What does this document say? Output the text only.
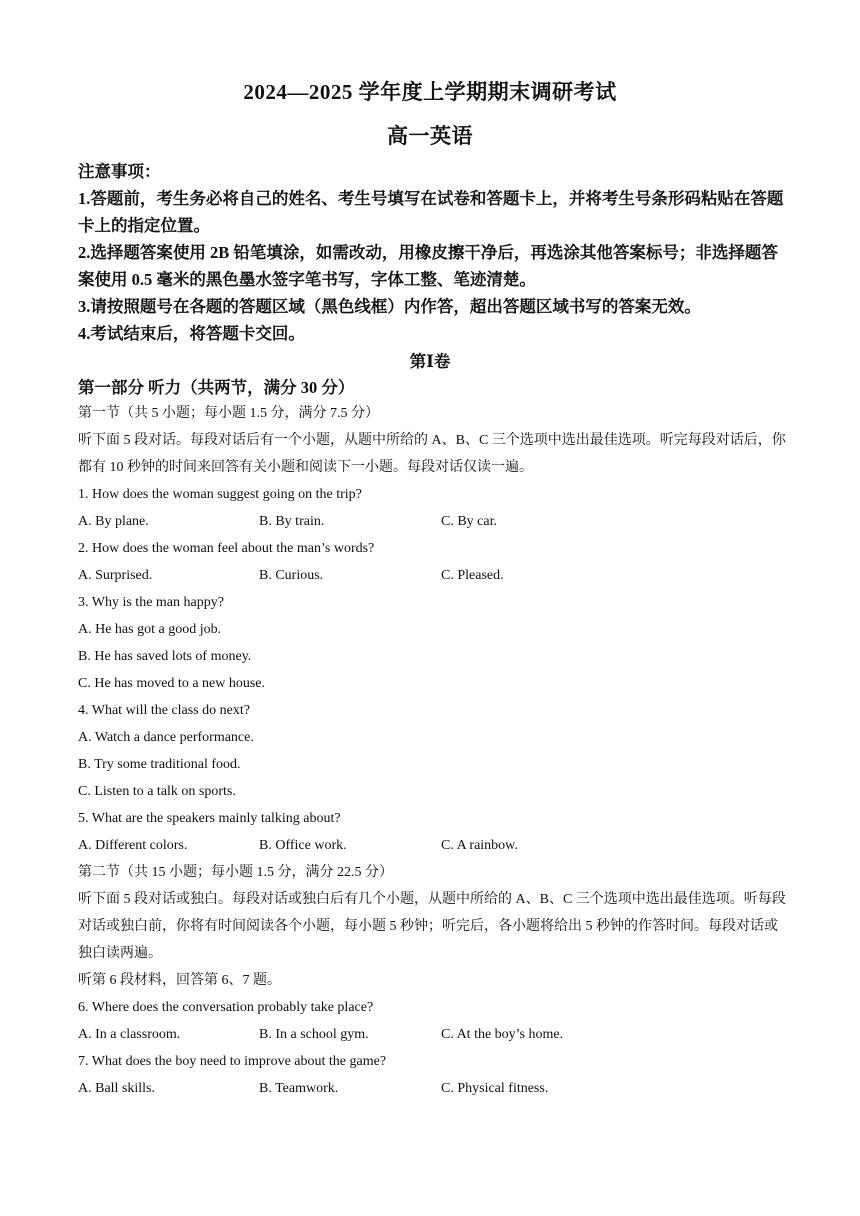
2024—2025 学年度上学期期末调研考试
高一英语

注意事项：

1.答题前，考生务必将自己的姓名、考生号填写在试卷和答题卡上，并将考生号条形码粘贴在答题卡上的指定位置。

2.选择题答案使用 2B 铅笔填涂，如需改动，用橡皮擦干净后，再选涂其他答案标号；非选择题答案使用 0.5 毫米的黑色墨水签字笔书写，字体工整、笔迹清楚。

3.请按照题号在各题的答题区域（黑色线框）内作答，超出答题区域书写的答案无效。

4.考试结束后，将答题卡交回。

第Ⅰ卷
第一部分 听力（共两节，满分 30 分）

第一节（共 5 小题；每小题 1.5 分，满分 7.5 分）

听下面 5 段对话。每段对话后有一个小题，从题中所给的 A、B、C 三个选项中选出最佳选项。听完每段对话后，你都有 10 秒钟的时间来回答有关小题和阅读下一小题。每段对话仅读一遍。

1. How does the woman suggest going on the trip?

A. By plane.	B. By train.	C. By car.

2. How does the woman feel about the man’s words?

A. Surprised.	B. Curious.	C. Pleased.

3. Why is the man happy?

A. He has got a good job.

B. He has saved lots of money.

C. He has moved to a new house.

4. What will the class do next?

A. Watch a dance performance.

B. Try some traditional food.

C. Listen to a talk on sports.

5. What are the speakers mainly talking about?

A. Different colors.	B. Office work.	C. A rainbow.

第二节（共 15 小题；每小题 1.5 分，满分 22.5 分）

听下面 5 段对话或独白。每段对话或独白后有几个小题，从题中所给的 A、B、C 三个选项中选出最佳选项。听每段对话或独白前，你将有时间阅读各个小题，每小题 5 秒钟；听完后，各小题将给出 5 秒钟的作答时间。每段对话或独白读两遍。

听第 6 段材料，回答第 6、7 题。

6. Where does the conversation probably take place?

A. In a classroom.	B. In a school gym.	C. At the boy’s home.

7. What does the boy need to improve about the game?

A. Ball skills.	B. Teamwork.	C. Physical fitness.
